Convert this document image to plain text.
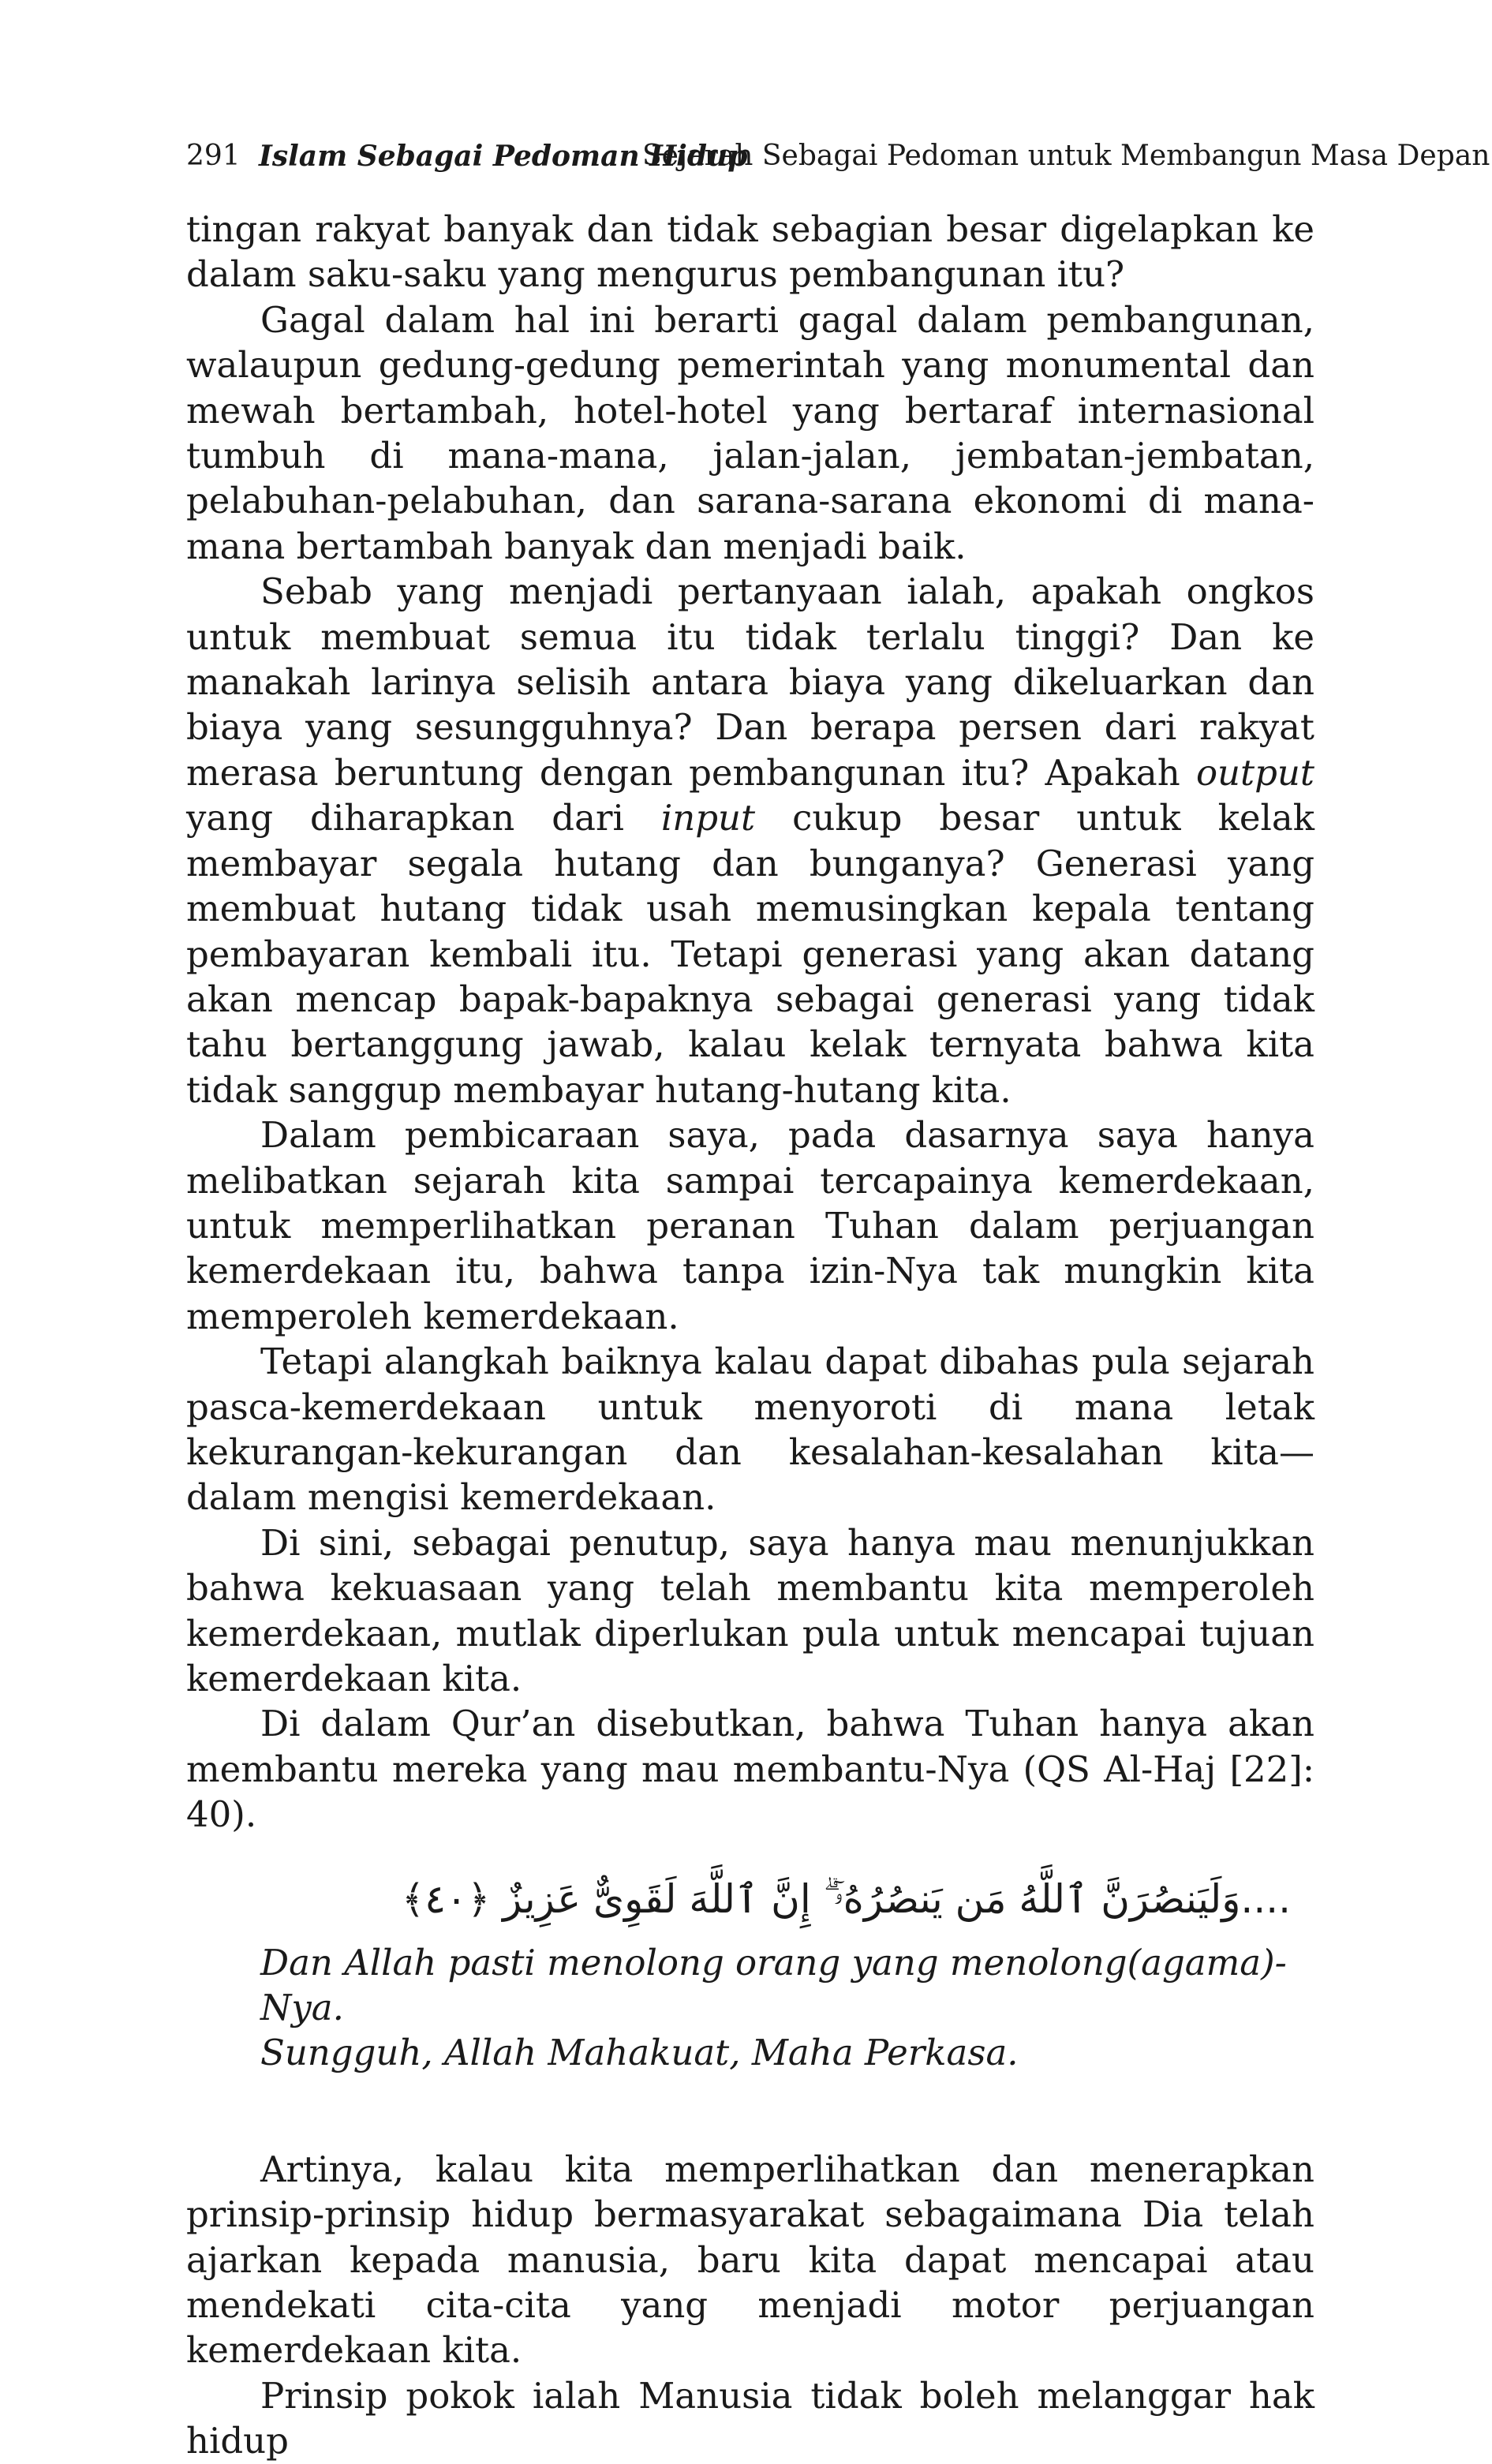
291 Islam Sebagai Pedoman Hidup
Sejarah Sebagai Pedoman untuk Membangun Masa Depan

tingan rakyat banyak dan tidak sebagian besar digelapkan ke dalam saku-saku yang mengurus pembangunan itu?

Gagal dalam hal ini berarti gagal dalam pembangunan, walaupun gedung-gedung pemerintah yang monumental dan mewah bertambah, hotel-hotel yang bertaraf internasional tumbuh di mana-mana, jalan-jalan, jembatan-jembatan, pelabuhan-pelabuhan, dan sarana-sarana ekonomi di mana-mana bertambah banyak dan menjadi baik.

Sebab yang menjadi pertanyaan ialah, apakah ongkos untuk membuat semua itu tidak terlalu tinggi? Dan ke manakah larinya selisih antara biaya yang dikeluarkan dan biaya yang sesungguhnya? Dan berapa persen dari rakyat merasa beruntung dengan pembangunan itu? Apakah output yang diharapkan dari input cukup besar untuk kelak membayar segala hutang dan bunganya? Generasi yang membuat hutang tidak usah memusingkan kepala tentang pembayaran kembali itu. Tetapi generasi yang akan datang akan mencap bapak-bapaknya sebagai generasi yang tidak tahu bertanggung jawab, kalau kelak ternyata bahwa kita tidak sanggup membayar hutang-hutang kita.

Dalam pembicaraan saya, pada dasarnya saya hanya melibatkan sejarah kita sampai tercapainya kemerdekaan, untuk memperlihatkan peranan Tuhan dalam perjuangan kemerdekaan itu, bahwa tanpa izin-Nya tak mungkin kita memperoleh kemerdekaan.

Tetapi alangkah baiknya kalau dapat dibahas pula sejarah pasca-kemerdekaan untuk menyoroti di mana letak kekurangan-kekurangan dan kesalahan-kesalahan kita—dalam mengisi kemerdekaan.

Di sini, sebagai penutup, saya hanya mau menunjukkan bahwa kekuasaan yang telah membantu kita memperoleh kemerdekaan, mutlak diperlukan pula untuk mencapai tujuan kemerdekaan kita.

Di dalam Qur’an disebutkan, bahwa Tuhan hanya akan membantu mereka yang mau membantu-Nya (QS Al-Haj [22]: 40).

....وَلَيَنصُرَنَّ ٱللَّهُ مَن يَنصُرُهُۥٓ ۗ إِنَّ ٱللَّهَ لَقَوِىٌّ عَزِيزٌ ﴿٤٠﴾
Dan Allah pasti menolong orang yang menolong(agama)-Nya.
Sungguh, Allah Mahakuat, Maha Perkasa.

Artinya, kalau kita memperlihatkan dan menerapkan prinsip-prinsip hidup bermasyarakat sebagaimana Dia telah ajarkan kepada manusia, baru kita dapat mencapai atau mendekati cita-cita yang menjadi motor perjuangan kemerdekaan kita.

Prinsip pokok ialah Manusia tidak boleh melanggar hak hidup
